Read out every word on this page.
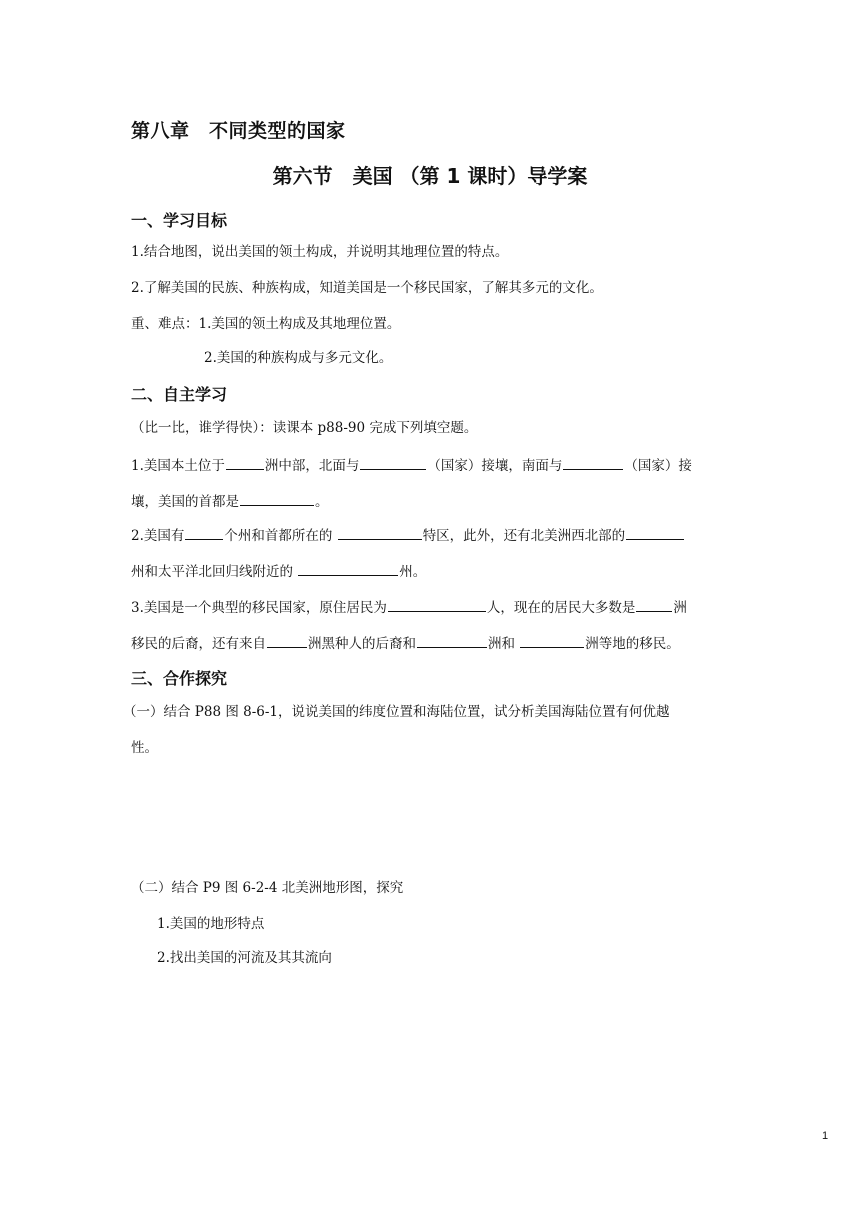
第八章　不同类型的国家
第六节　美国 （第 1 课时）导学案
一、学习目标
1.结合地图，说出美国的领土构成，并说明其地理位置的特点。
2.了解美国的民族、种族构成，知道美国是一个移民国家，了解其多元的文化。
重、难点：1.美国的领土构成及其地理位置。
2.美国的种族构成与多元文化。
二、自主学习
（比一比，谁学得快）：读课本 p88-90 完成下列填空题。
1.美国本土位于	洲中部，北面与	（国家）接壤，南面与	（国家）接
壤，美国的首都是	。
2.美国有	个州和首都所在的	特区，此外，还有北美洲西北部的
州和太平洋北回归线附近的	州。
3.美国是一个典型的移民国家，原住居民为	人，现在的居民大多数是	洲
移民的后裔，还有来自	洲黑种人的后裔和	洲和	洲等地的移民。
三、合作探究
（一）结合 P88 图 8-6-1，说说美国的纬度位置和海陆位置，试分析美国海陆位置有何优越
性。
（二）结合 P9 图 6-2-4 北美洲地形图，探究
1.美国的地形特点
2.找出美国的河流及其其流向
1
